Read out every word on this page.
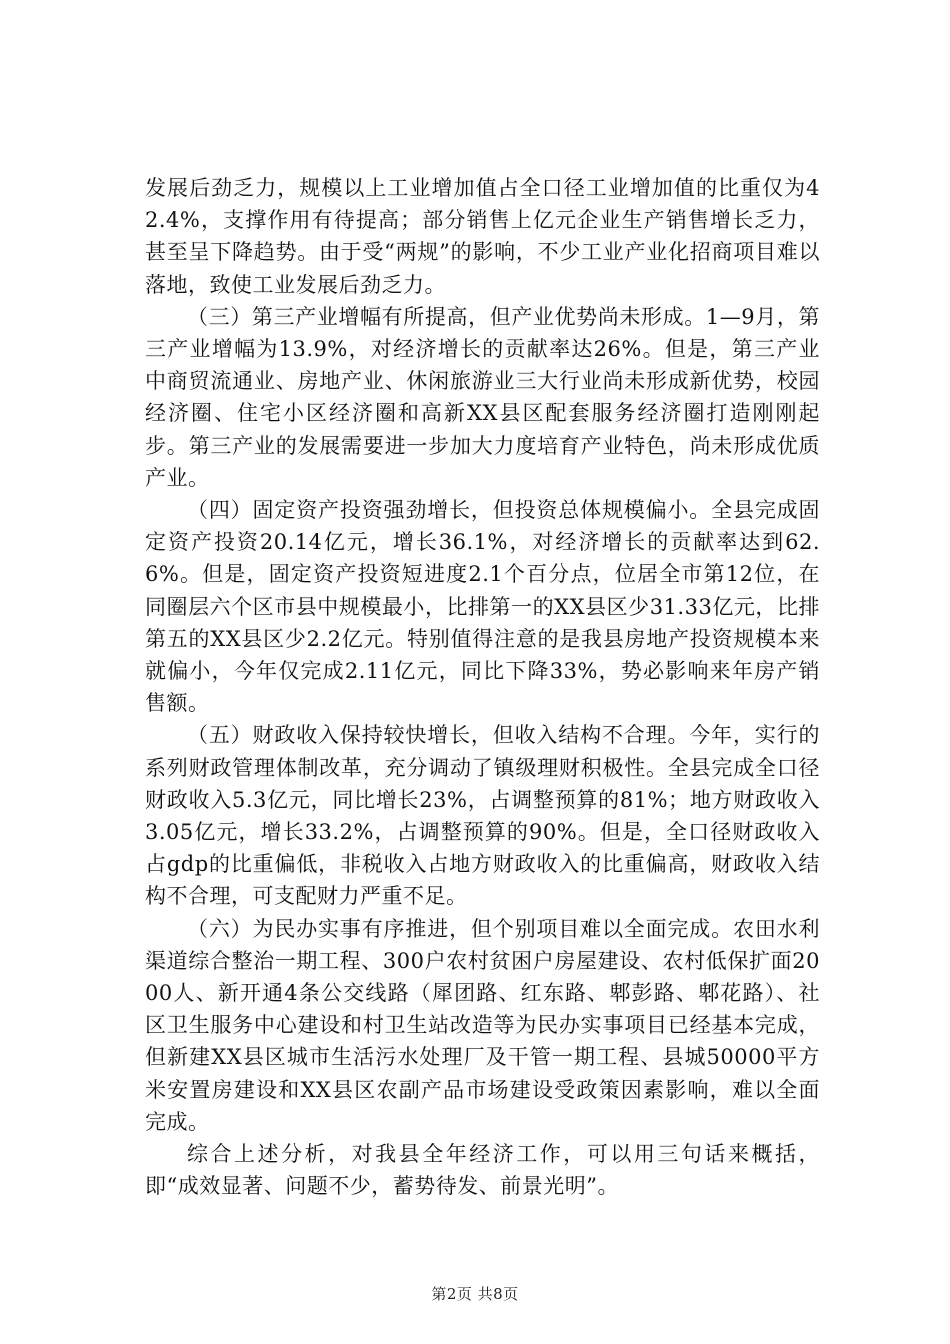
发展后劲乏力，规模以上工业增加值占全口径工业增加值的比重仅为42.4%，支撑作用有待提高；部分销售上亿元企业生产销售增长乏力，甚至呈下降趋势。由于受“两规”的影响，不少工业产业化招商项目难以落地，致使工业发展后劲乏力。

（三）第三产业增幅有所提高，但产业优势尚未形成。1—9月，第三产业增幅为13.9%，对经济增长的贡献率达26%。但是，第三产业中商贸流通业、房地产业、休闲旅游业三大行业尚未形成新优势，校园经济圈、住宅小区经济圈和高新XX县区配套服务经济圈打造刚刚起步。第三产业的发展需要进一步加大力度培育产业特色，尚未形成优质产业。

（四）固定资产投资强劲增长，但投资总体规模偏小。全县完成固定资产投资20.14亿元，增长36.1%，对经济增长的贡献率达到62.6%。但是，固定资产投资短进度2.1个百分点，位居全市第12位，在同圈层六个区市县中规模最小，比排第一的XX县区少31.33亿元，比排第五的XX县区少2.2亿元。特别值得注意的是我县房地产投资规模本来就偏小，今年仅完成2.11亿元，同比下降33%，势必影响来年房产销售额。

（五）财政收入保持较快增长，但收入结构不合理。今年，实行的系列财政管理体制改革，充分调动了镇级理财积极性。全县完成全口径财政收入5.3亿元，同比增长23%，占调整预算的81%；地方财政收入3.05亿元，增长33.2%，占调整预算的90%。但是，全口径财政收入占gdp的比重偏低，非税收入占地方财政收入的比重偏高，财政收入结构不合理，可支配财力严重不足。

（六）为民办实事有序推进，但个别项目难以全面完成。农田水利渠道综合整治一期工程、300户农村贫困户房屋建设、农村低保扩面2000人、新开通4条公交线路（犀团路、红东路、郫彭路、郫花路）、社区卫生服务中心建设和村卫生站改造等为民办实事项目已经基本完成，但新建XX县区城市生活污水处理厂及干管一期工程、县城50000平方米安置房建设和XX县区农副产品市场建设受政策因素影响，难以全面完成。

综合上述分析，对我县全年经济工作，可以用三句话来概括，即“成效显著、问题不少，蓄势待发、前景光明”。

第2页 共8页
